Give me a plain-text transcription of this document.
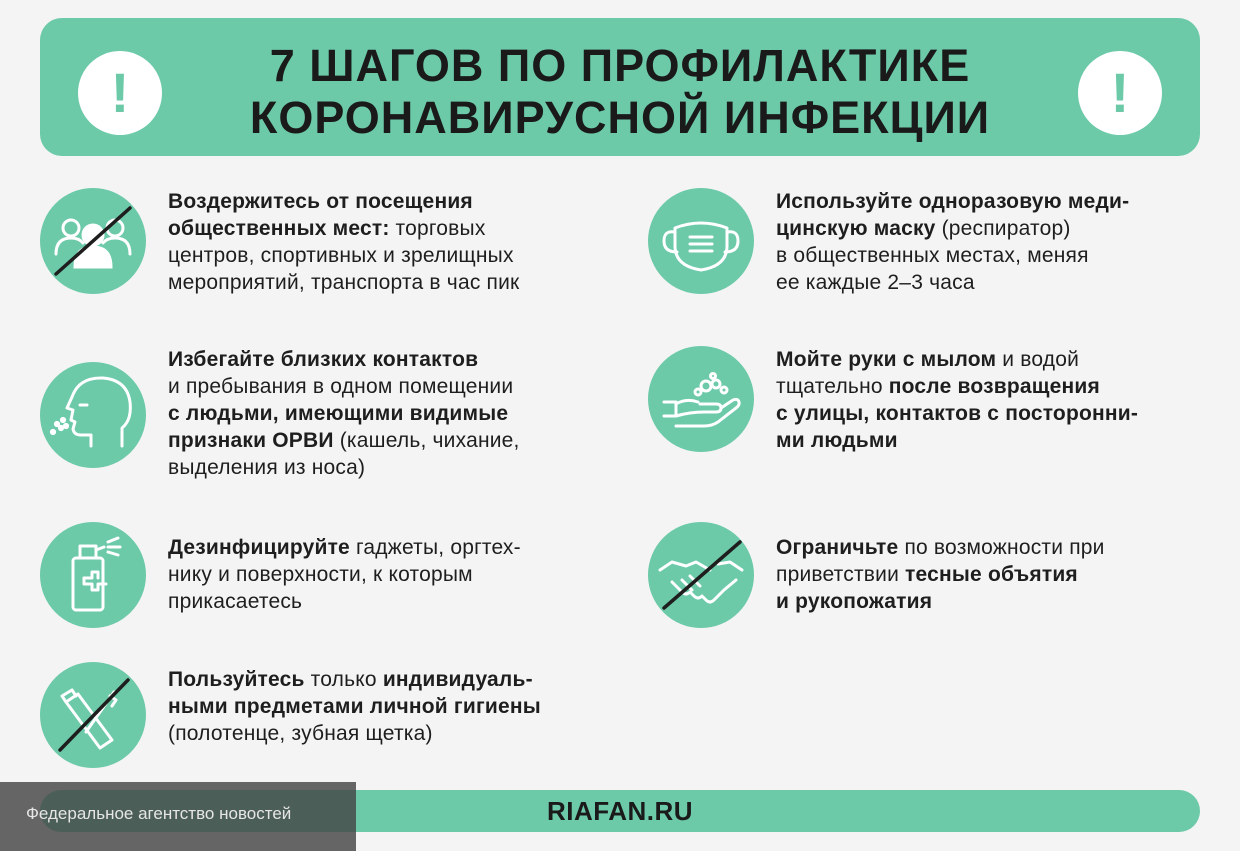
!	7 ШАГОВ ПО ПРОФИЛАКТИКЕ
КОРОНАВИРУСНОЙ ИНФЕКЦИИ	!
Воздержитесь от посещения
общественных мест: торговых
центров, спортивных и зрелищных
мероприятий, транспорта в час пик
Используйте одноразовую меди-
цинскую маску (респиратор)
в общественных местах, меняя
ее каждые 2–3 часа
Избегайте близких контактов
и пребывания в одном помещении
с людьми, имеющими видимые
признаки ОРВИ (кашель, чихание,
выделения из носа)
Мойте руки с мылом и водой
тщательно после возвращения
с улицы, контактов с посторонни-
ми людьми
Дезинфицируйте гаджеты, оргтех-
нику и поверхности, к которым
прикасаетесь
Ограничьте по возможности при
приветствии тесные объятия
и рукопожатия
Пользуйтесь только индивидуаль-
ными предметами личной гигиены
(полотенце, зубная щетка)
RIAFAN.RU
Федеральное агентство новостей
